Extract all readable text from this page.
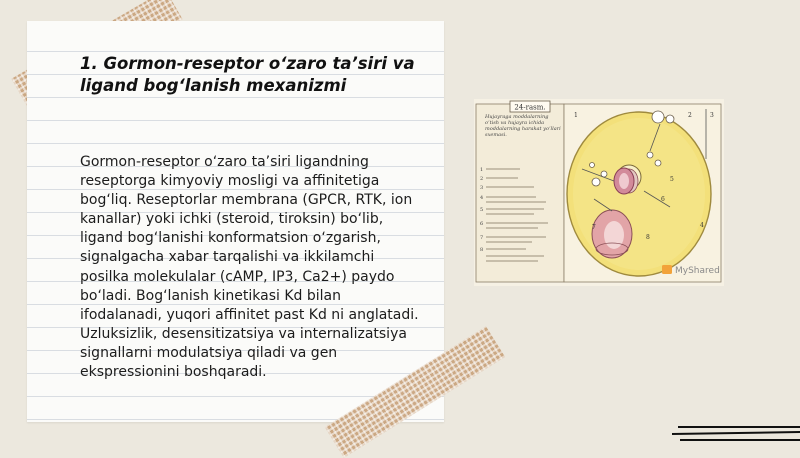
1. Gormon-reseptor o‘zaro ta’siri va ligand bog‘lanish mexanizmi

Gormon-reseptor o‘zaro ta’siri ligandning reseptorga kimyoviy mosligi va affinitetiga bog‘liq. Reseptorlar membrana (GPCR, RTK, ion kanallar) yoki ichki (steroid, tiroksin) bo‘lib, ligand bog‘lanishi konformatsion o‘zgarish, signalgacha xabar tarqalishi va ikkilamchi posilka molekulalar (cAMP, IP3, Ca2+) paydo bo‘ladi. Bog‘lanish kinetikasi Kd bilan ifodalanadi, yuqori affinitet past Kd ni anglatadi. Uzluksizlik, desensitizatsiya va internalizatsiya signallarni modulatsiya qiladi va gen ekspressionini boshqaradi.

24-rasm.
Hujayraga moddalarning o‘tish va hujayra ichida moddalarning harakat yo‘llari sxemasi.
1
2
3
4
5
6
7
8
1	2	3
4
5
6
7
8
MyShared
